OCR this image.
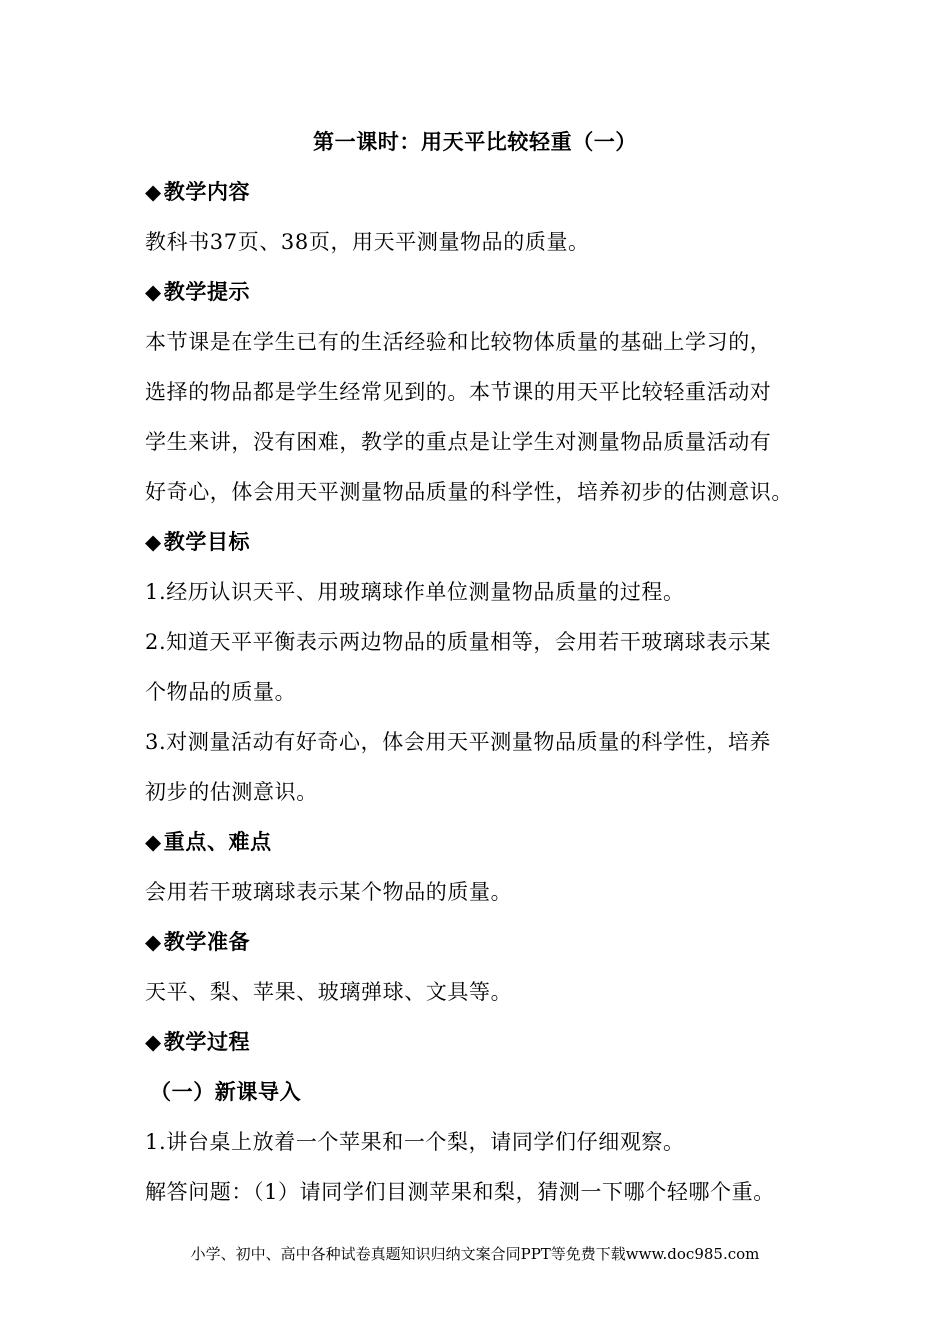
第一课时：用天平比较轻重（一）
◆教学内容
教科书37页、38页，用天平测量物品的质量。
◆教学提示
本节课是在学生已有的生活经验和比较物体质量的基础上学习的，
选择的物品都是学生经常见到的。本节课的用天平比较轻重活动对
学生来讲，没有困难，教学的重点是让学生对测量物品质量活动有
好奇心，体会用天平测量物品质量的科学性，培养初步的估测意识。
◆教学目标
1.经历认识天平、用玻璃球作单位测量物品质量的过程。
2.知道天平平衡表示两边物品的质量相等，会用若干玻璃球表示某
个物品的质量。
3.对测量活动有好奇心，体会用天平测量物品质量的科学性，培养
初步的估测意识。
◆重点、难点
会用若干玻璃球表示某个物品的质量。
◆教学准备
天平、梨、苹果、玻璃弹球、文具等。
◆教学过程
（一）新课导入
1.讲台桌上放着一个苹果和一个梨，请同学们仔细观察。
解答问题：（1）请同学们目测苹果和梨，猜测一下哪个轻哪个重。
小学、初中、高中各种试卷真题知识归纳文案合同PPT等免费下载www.doc985.com
